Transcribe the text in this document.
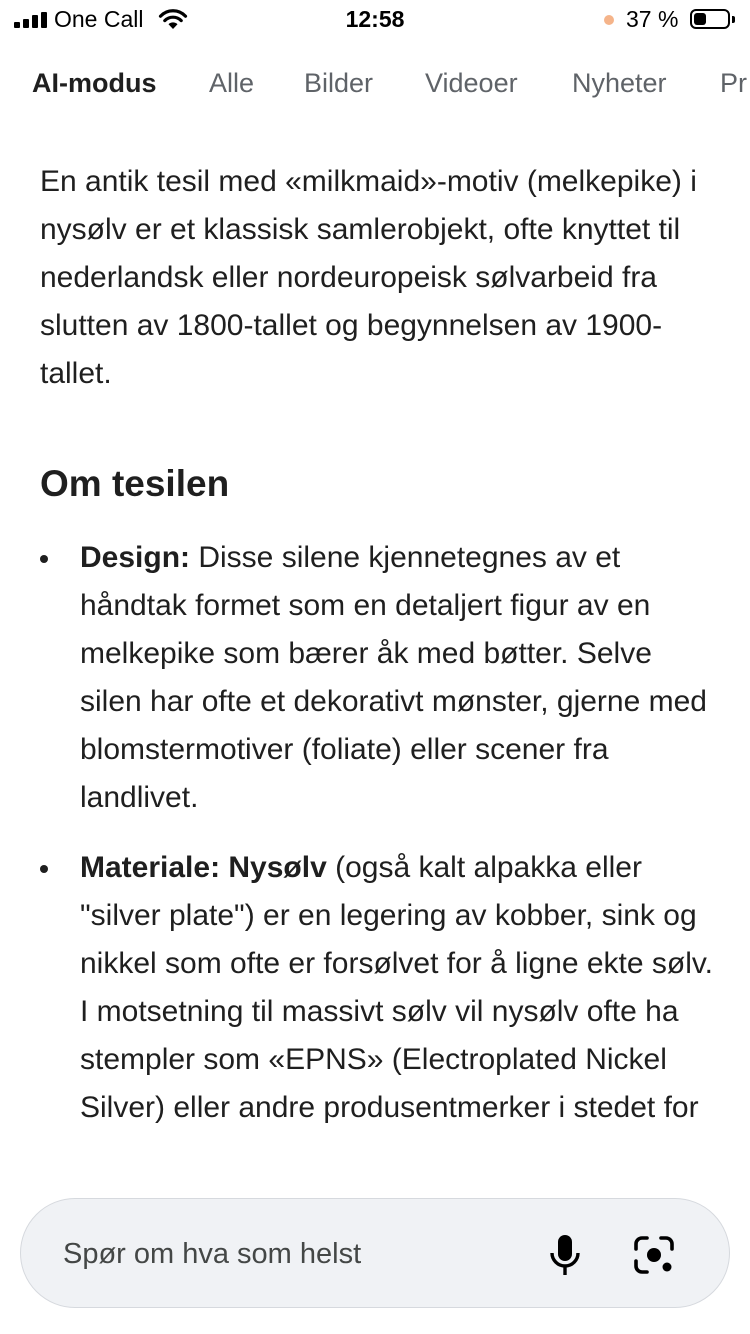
One Call	12:58	37 %
AI-modus Alle Bilder Videoer Nyheter Pr

En antik tesil med «milkmaid»-motiv (melkepike) i nysølv er et klassisk samlerobjekt, ofte knyttet til nederlandsk eller nordeuropeisk sølvarbeid fra slutten av 1800-tallet og begynnelsen av 1900-tallet.

Om tesilen
Design: Disse silene kjennetegnes av et håndtak formet som en detaljert figur av en melkepike som bærer åk med bøtter. Selve silen har ofte et dekorativt mønster, gjerne med blomstermotiver (foliate) eller scener fra landlivet.
Materiale: Nysølv (også kalt alpakka eller "silver plate") er en legering av kobber, sink og nikkel som ofte er forsølvet for å ligne ekte sølv. I motsetning til massivt sølv vil nysølv ofte ha stempler som «EPNS» (Electroplated Nickel Silver) eller andre produsentmerker i stedet for
Spør om hva som helst
